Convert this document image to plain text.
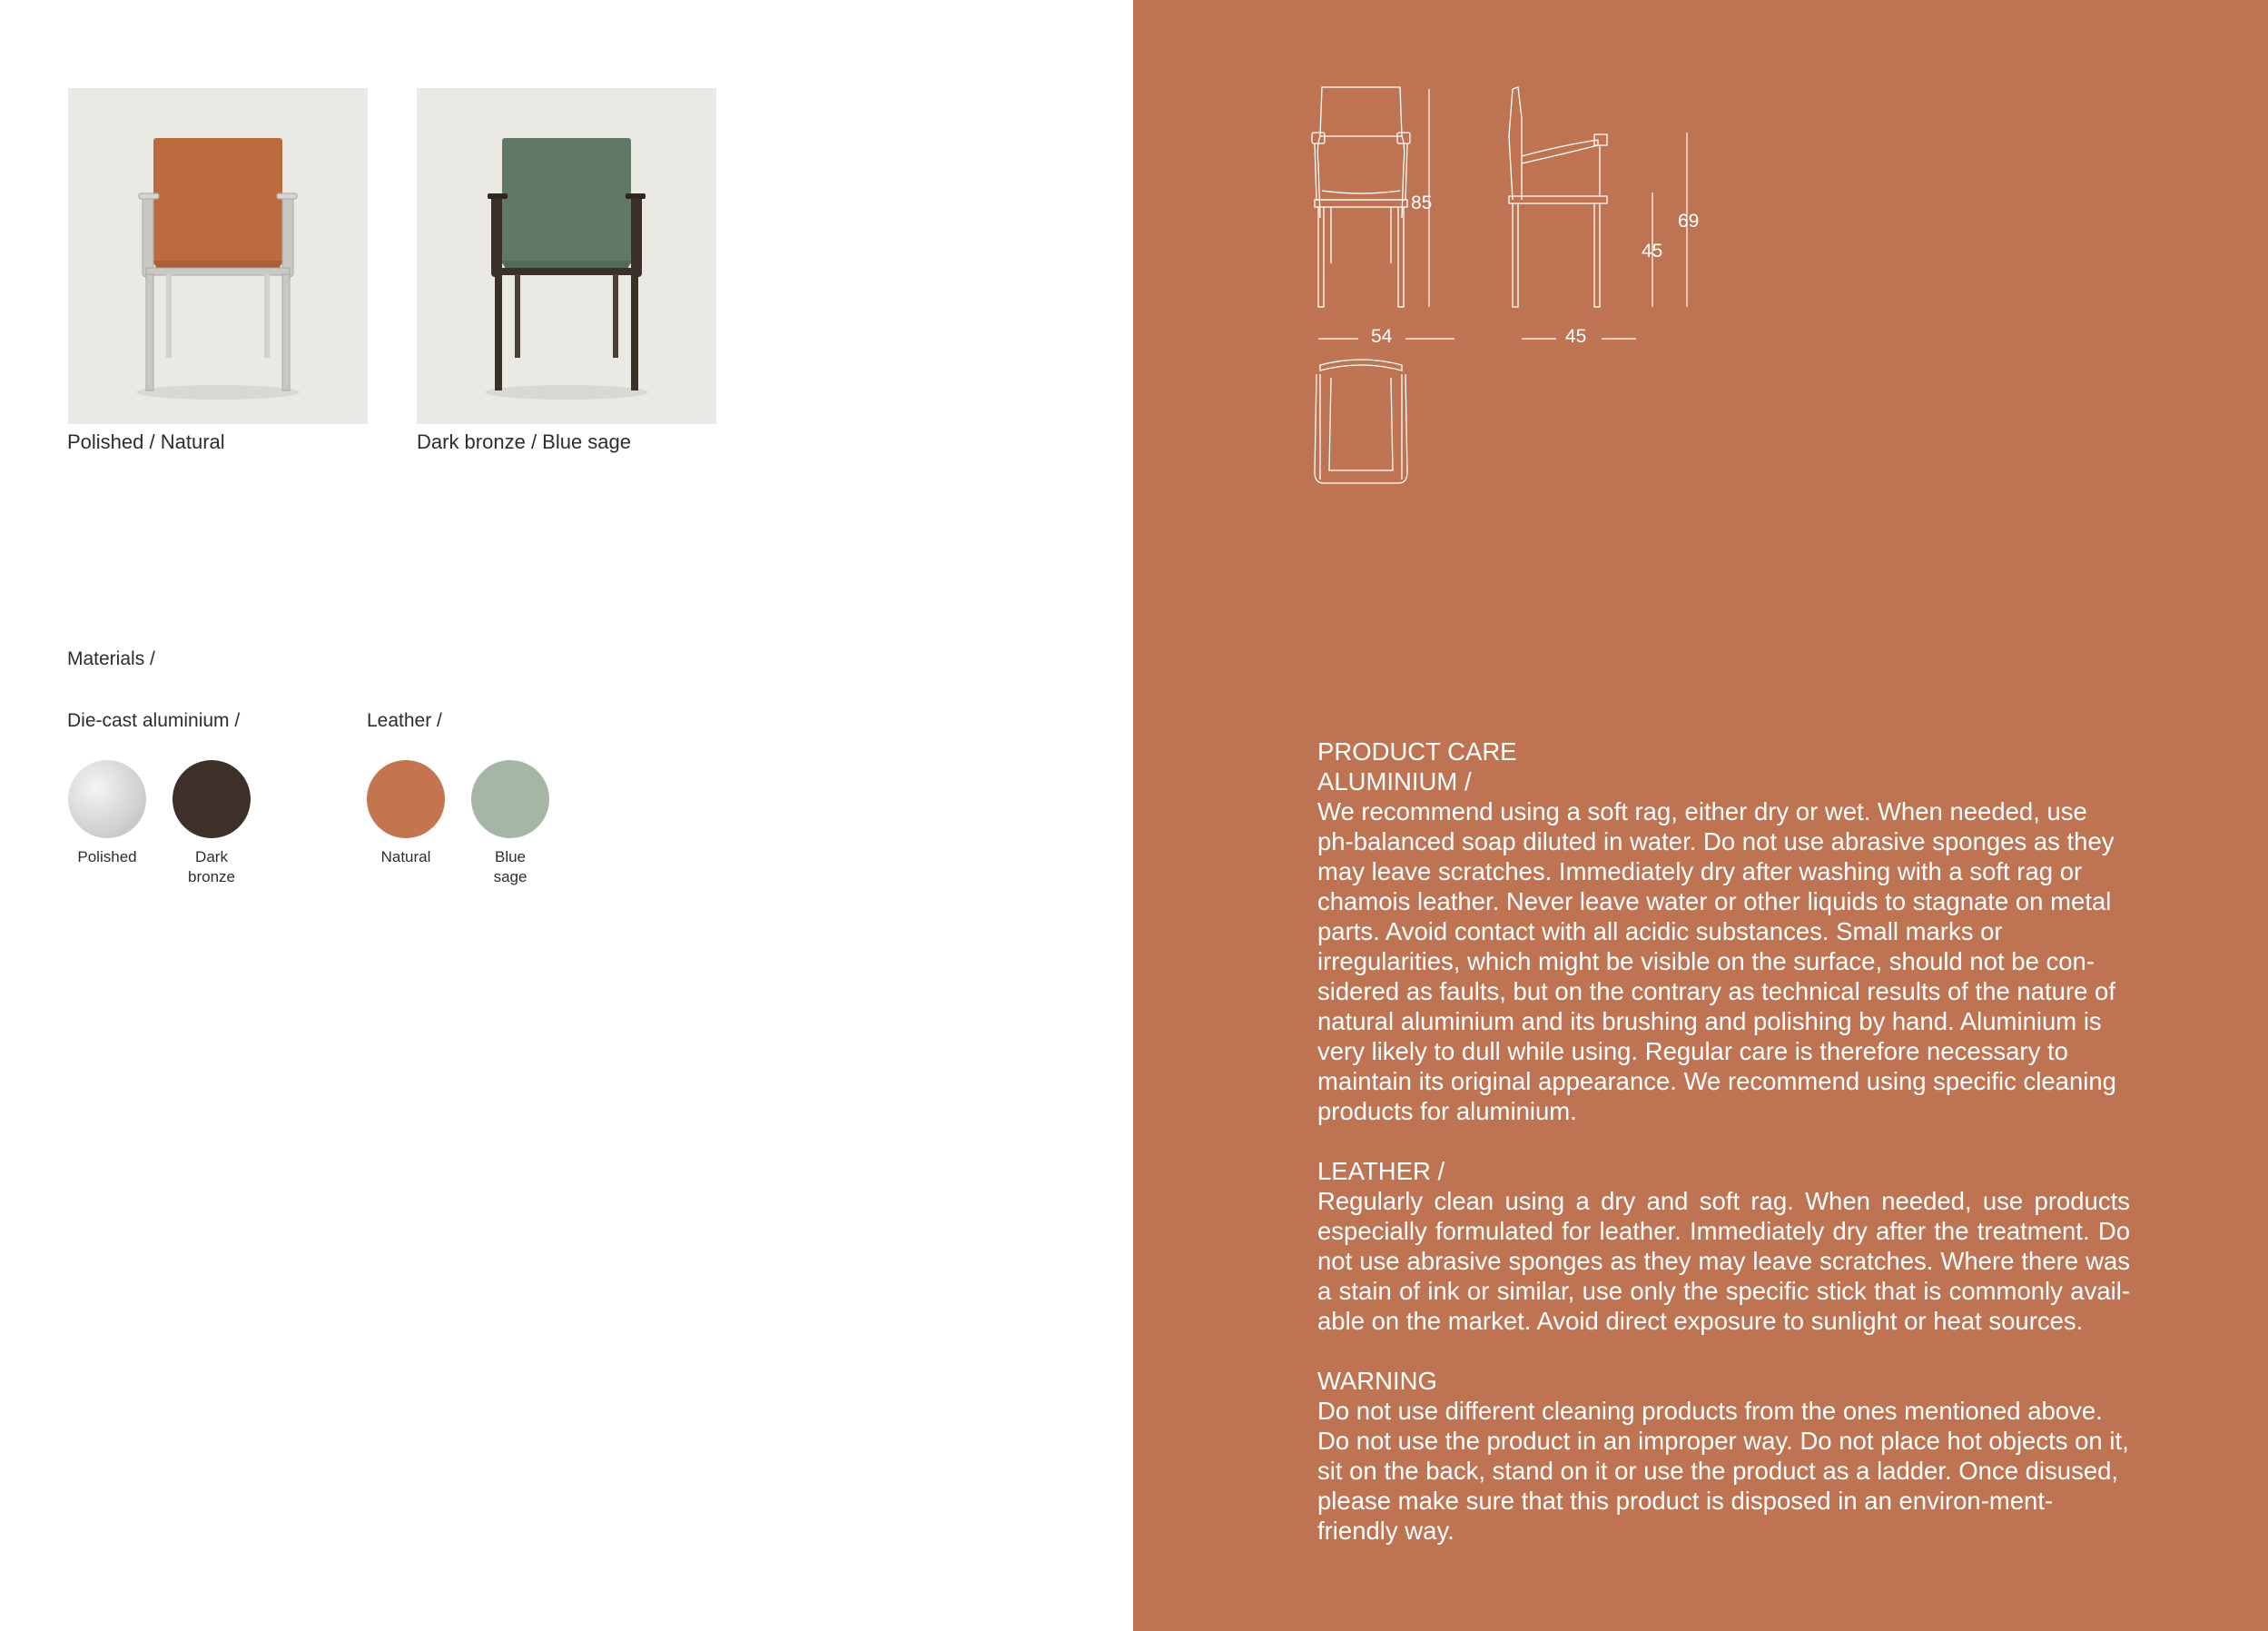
Polished / Natural	Dark bronze / Blue sage
Materials /
Die-cast aluminium /	Leather /
Polished	Dark bronze
Natural	Blue sage
85
69
45
54	45

PRODUCT CARE

ALUMINIUM /

We recommend using a soft rag, either dry or wet. When needed, use ph-balanced soap diluted in water. Do not use abrasive sponges as they may leave scratches. Immediately dry after washing with a soft rag or chamois leather. Never leave water or other liquids to stagnate on metal parts. Avoid contact with all acidic substances. Small marks or irregularities, which might be visible on the surface, should not be con-sidered as faults, but on the contrary as technical results of the nature of natural aluminium and its brushing and polishing by hand. Aluminium is very likely to dull while using. Regular care is therefore necessary to maintain its original appearance. We recommend using specific cleaning products for aluminium.

LEATHER /

Regularly clean using a dry and soft rag. When needed, use products especially formulated for leather. Immediately dry after the treatment. Do not use abrasive sponges as they may leave scratches. Where there was a stain of ink or similar, use only the specific stick that is commonly avail-able on the market. Avoid direct exposure to sunlight or heat sources.

WARNING

Do not use different cleaning products from the ones mentioned above. Do not use the product in an improper way. Do not place hot objects on it, sit on the back, stand on it or use the product as a ladder. Once disused, please make sure that this product is disposed in an environ-ment-friendly way.
